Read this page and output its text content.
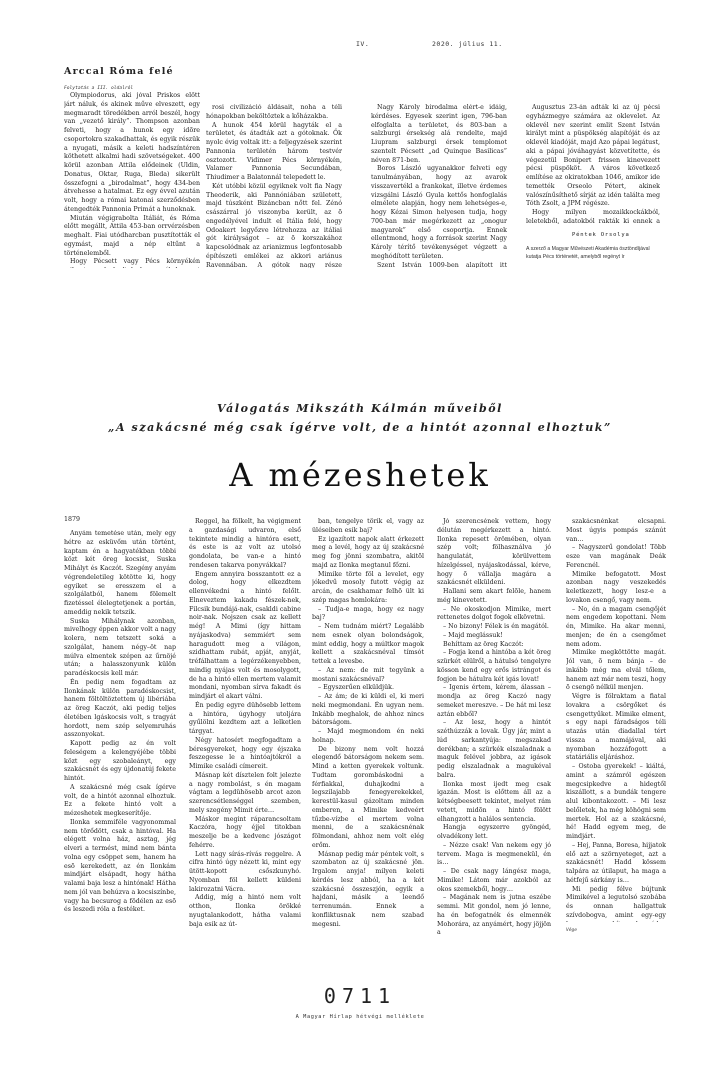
IV.	2020. július 11.
Arccal Róma felé
Folytatás a III. oldalról

Olympiodorus, aki jóval Priskos előtt járt náluk, és akinek műve elveszett, egy megmaradt töredékben arról beszél, hogy van „vezető király”. Thompson azonban felveti, hogy a hunok egy idõre csoportokra szakadhattak, és egyik részük a nyugati, másik a keleti hadszíntéren köthetett alkalmi hadi szövetségeket. 400 körül azonban Attila elődeinek (Uldin, Donatus, Oktar, Ruga, Bleda) sikerült összefogni a „birodalmat”, hogy 434-ben átvehesse a hatalmat. Ez egy évvel azután volt, hogy a római katonai szerződésben átengedték Pannonia Primát a hunoknak.

Miután végigrabolta Itáliát, és Róma előtt megállt, Attila 453-ban orrvérzésben meghalt. Fiai utódharcban pusztították el egymást, majd a nép eltűnt a történelemből.

Hogy Pécsett vagy Pécs környékén

rosi civilizáció áldásait, noha a téli hónapokban beköltöztek a kőházakba.

A hunok 454 körül hagyták el a területet, és átadták azt a gótoknak. Ők nyolc évig voltak itt: a feljegyzések szerint Pannonia területén három testvér osztozott. Vidimer Pécs környékén, Valamer Pannonia Secundában, Thiudimer a Balatonnál telepedett le.

Két utóbbi közül egyiknek volt fia Nagy Theoderik, aki Pannóniában született, majd túszként Bizáncban nőtt fel. Zénó császárral jó viszonyba került, az õ engedélyével indult el Itália felé, hogy Odoakert legyőzve létrehozza az itáliai gót királyságot – az õ korszakához kapcsolódnak az arianizmus legfontosabb építészeti emlékei az akkori ariánus Ravennában. A gótok nagy része

Nagy Károly birodalma elért-e idáig, kérdéses. Egyesek szerint igen, 796-ban elfoglalta a területet, és 803-ban a salzburgi érsekség alá rendelte, majd Liupram salzburgi érsek templomot szentelt Pécsett „ad Quinque Basilicas” néven 871-ben.

Boros László ugyanakkor felveti egy tanulmányában, hogy az avarok visszavertékl a frankokat, illetve érdemes vizsgálni László Gyula kettős honfoglalás elmélete alapján, hogy nem lehetséges-e, hogy Kézai Simon helyesen tudja, hogy 700-ban már megérkezett az „onogur magyarok” első csoportja. Ennek ellentmond, hogy a források szerint Nagy Károly térítő tevékenységet végzett a meghódított területen.

Szent István 1009-ben alapított itt

Augusztus 23-án adták ki az új pécsi egyházmegye számára az oklevelet. Az oklevél nev szerint emlit Szent István királyt mint a püspökség alapítóját és az oklevél kiadóját, majd Azo pápai legátust, aki a pápai jóváhagyást közvetítette, és végezetül Bonipert frissen kinevezett pécsi püspököt. A város következő említése az okiratokban 1046, amikor ide temették Orseolo Pétert, akinek valószínűsíthető sírját az idén találta meg Tóth Zsolt, a JPM régésze.

Hogy milyen mozaikkockákból, leletekből, adatokból rakták ki ennek a

Péntek Orsolya
A szerző a Magyar Művészeti Akadémia ösztöndíjával kutatja Pécs történetét, amelyből regényt ír
Válogatás Mikszáth Kálmán műveiből
„A szakácsné még csak ígérve volt, de a hintót azonnal elhoztuk”
A mézeshetek
1879

Anyám temetése után, mely egy hétre az esküvőm után történt, kaptam én a hagyatékban többi közt két öreg kocsist, Suska Mihályt és Kaczót. Szegény anyám végrendeletileg kötötte ki, hogy egyiket se eresszem el a szolgálatból, hanem fölemelt fizetéssel élelegtetjenek a portán, ameddig nekik tetszik.

Suska Mihálynak azonban, mivelhogy éppen akkor volt a nagy kolera, nem tetszett soká a szolgálat, hanem négy–öt nap múlva elmentek szépen az űrnöjé után; a halasszonyunk külön paradéskocsis kell már.

Én pedig nem fogadtam az Ilonkának külön paradéskocsist, hanem föltöltöztettem új libériába az öreg Kaczót, aki pedig teljes életében lgáskocsis volt, s tragyát hordott, nem szép selyemruhás asszonyokat.

Kapott pedig az én volt feleségem a kelengyéjébe többi közt egy szobaleányt, egy szakácsnét és egy újdonatúj fekete hintót.

A szakácsné még csak ígérve volt, de a hintót azonnal elhoztuk. Ez a fekete hintó volt a mézeshetek megkeserítője.

Ilonka semmiféle vagyonommal nem törődött, csak a hintóval. Ha elégett volna ház, asztag, jég elveri a termést, mind nem bánta volna egy csöppet sem, hanem ha esõ kerekedett, az én Ilonkám mindjárt elsápadt, hogy hátha valami baja lesz a hintónak! Hátha nem jól van behúzva a kocsiszínbe, vagy ha becsurog a födélen az esõ és leszedi róla a festéket.

Reggel, ha fölkelt, ha végigment a gazdasági udvaron, első tekintete mindig a hintóra esett, és este is az volt az utolsó gondolata, be van-e a hintó rendesen takarva ponyvákkal?

Engem annyira bosszantott ez a dolog, hogy elkezdtem ellenvékedni a hintó felőlt. Elneveztem kakadu fészek-nek, Filcsik bundájá-nak, csakldi cabine noir-nak. Nojszen csak az kellett még! A Mimi (így hittam nyájaskodva) semmiért sem haragudott meg a világon, szidhattam rubát, apját, anyját, tréfálhattam a legérzékenyebben, mindig nyájas volt és mosolygott, de ha a hintó ellen mertem valamit mondani, nyomban sírva fakadt és mindjárt el akart válni.

Én pedig egyre dühösebb lettem a hintóra, úgyhogy utoljára gyűlölni kezdtem azt a lelketlen tárgyat.

Négy hatosért megfogadtam a béresgyereket, hogy egy éjszaka feszegesse le a hintóajtókról a Mimike családi címereit.

Másnap két dísztelen folt jelezte a nagy rombolást, s én magam vágtam a legdühösebb arcot azon szerencsétlenséggel szemben, mely szegény Mimit érte…

Máskor megint ráparancsoltam Kaczóra, hogy éjjel titokban meszelje be a kedvenc jószágot fehérre.

Lett nagy sírás-rívás reggelre. A cifra hintó úgy nézett ki, mint egy ütött-kopott csőszkunyhó. Nyomban föl kellett küldeni lakirozatni Vácra.

Addig, míg a hintó nem volt otthon, Ilonka örökké nyugtalankodott, hátha valami baja esik az út-

ban, tengelye törik el, vagy az üléseiben esik baj?

Ez igazított napok alatt érkezett meg a levél, hogy az új szakácsné meg fog jönni szombatra, akitõl majd az Ilonka megtanul főzni.

Mimike törte föl a levelet, egy jókedvű mosoly futott végig az arcán, de csakhamar felhõ ült ki szép magas homlokára:

– Tudja-e maga, hogy ez nagy baj?

– Nem tudnám miért? Legalább nem esnek olyan bolondságok, mint eddig, hogy a múltkor magok kellett a szakácsnéval tímsót tettek a levesbe.

– Az nem: de mit tegyünk a mostani szakácsnéval?

– Egyszerűen elküldjük.

– Az ám; de ki küldi el, ki meri neki megmondani. Én ugyan nem. Inkább meghalok, de ahhoz nincs bátorságom.

– Majd megmondom én neki holnap.

De bizony nem volt hozzá elegendő bátorságom nekem sem. Mind a ketten gyerekek voltunk. Tudtam gorombáskodni a férfiakkal, duhajkodni a legszilajabb fenegyerekekkel, kerestül-kasul gázoltam minden emberen, a Mimike kedveért tűzbe-vízbe el mertem volna menni, de a szakácsnénak fölmondani, ahhoz nem volt elég erőm.

Másnap pedig már péntek volt, s szombaton az új szakácsné jön. Irgalom anyja! milyen keleti kérdés lesz abból, ha a két szakácsné összeszjón, egyik a hajdani, másik a leendő terrenumán. Ennek a konfliktusnak nem szabad megesni.

Jó szerencsének vettem, hogy délután megérkezett a hintó. Ilonka repesett örömében, olyan szép volt; fölhasználva jó hangulatát, körülvettem hízelgéssel, nyájaskodással, kérve, hogy õ vállalja magára a szakácsnét elküldeni.

Hallani sem akart felõle, hanem még kinevetett.

– Ne okoskodjon Mimike, mert rettenetes dolgot fogok elkövetni.

– No bizony! Félek is én magától.

– Majd meglássuk!

Behíttam az öreg Kaczót:

– Fogja kend a hintóba a két öreg szürkét elülről, a hátulsó tengelyre kösson kend egy erős istrángot és fogjon be hátulra két igás lovat!

– Igenis értem, kérem, álassan – mondja az öreg Kaczó nagy semeket mereszve. – De hát mi lesz aztán ebből?

– Az lesz, hogy a hintót széthúzzák a lovak. Úgy jár, mint a lúd sarkantyúja: megszakad derékban; a szürkék elszaladnak a maguk felével jobbra, az igások pedig elszaladnak a magukéval balra.

Ilonka most ijedt meg csak igazán. Most is előttem áll az a kétségbeesett tekintet, melyet rám vetett, midõn a hintó fölött elhangzott a halálos sentencia.

Hangja egyszerre gyöngéd, olvadékony lett.

– Nézze csak! Van nekem egy jó tervem. Maga is megmenekül, én is…

– De csak nagy lángész maga, Mimike! Látom már azokból az okos szemekből, hogy…

– Magának nem is jutna eszébe semmi. Mit gondol, nem jó lenne, ha én befogatnék és elmennék Mohorára, az anyámért, hogy jöjjön a

szakácsnénkat elcsapni. Most úgyis pompás szánút van…

– Nagyszerű gondolat! Több esze van magának Deák Ferencnél.

Mimike befogatott. Most azonban nagy veszekedés keletkezett, hogy lesz-e a lovakon csengő, vagy nem.

– No, én a magam csengőjét nem engedem kopottani. Nem én, Mimike. Ha akar menni, menjen; de én a csengőmet nem adom.

Mimike megköttötte magát. Jól van, õ nem bánja – de inkább még ma elvál tőlem, hanem azt már nem teszi, hogy õ csengõ nélkül menjen.

Végre is fölraktam a fiatal lovakra a csörgőket és csengettyűket. Mimike elment, s egy napi fáradságos téli utazás után diadallal tért vissza a mamájával, aki nyomban hozzáfogott a statáriális eljáráshoz.

– Ostoba gyerekek! – kiáltá, amint a számról egészen megcsipkedve a hidegtől kiszállott, s a bundák tengere alul kibontakozott. – Mi lesz belőletek, ha még köhögni sem mertek. Hol az a szakácsné, hé! Hadd egyem meg, de mindjárt.

– Hej, Panna, Boresa, hijjatok elő azt a szörnyeteget, azt a szakácsnét! Hadd kössem talpára az útilaput, ha maga a hétfejű sárkány is…

Mi pedig félve bújtunk Mimikével a legutolsó szobába és onnan hallgattuk szívdobogva, amint egy-egy

Vége
0711
A Magyar Hírlap hétvégi melléklete
